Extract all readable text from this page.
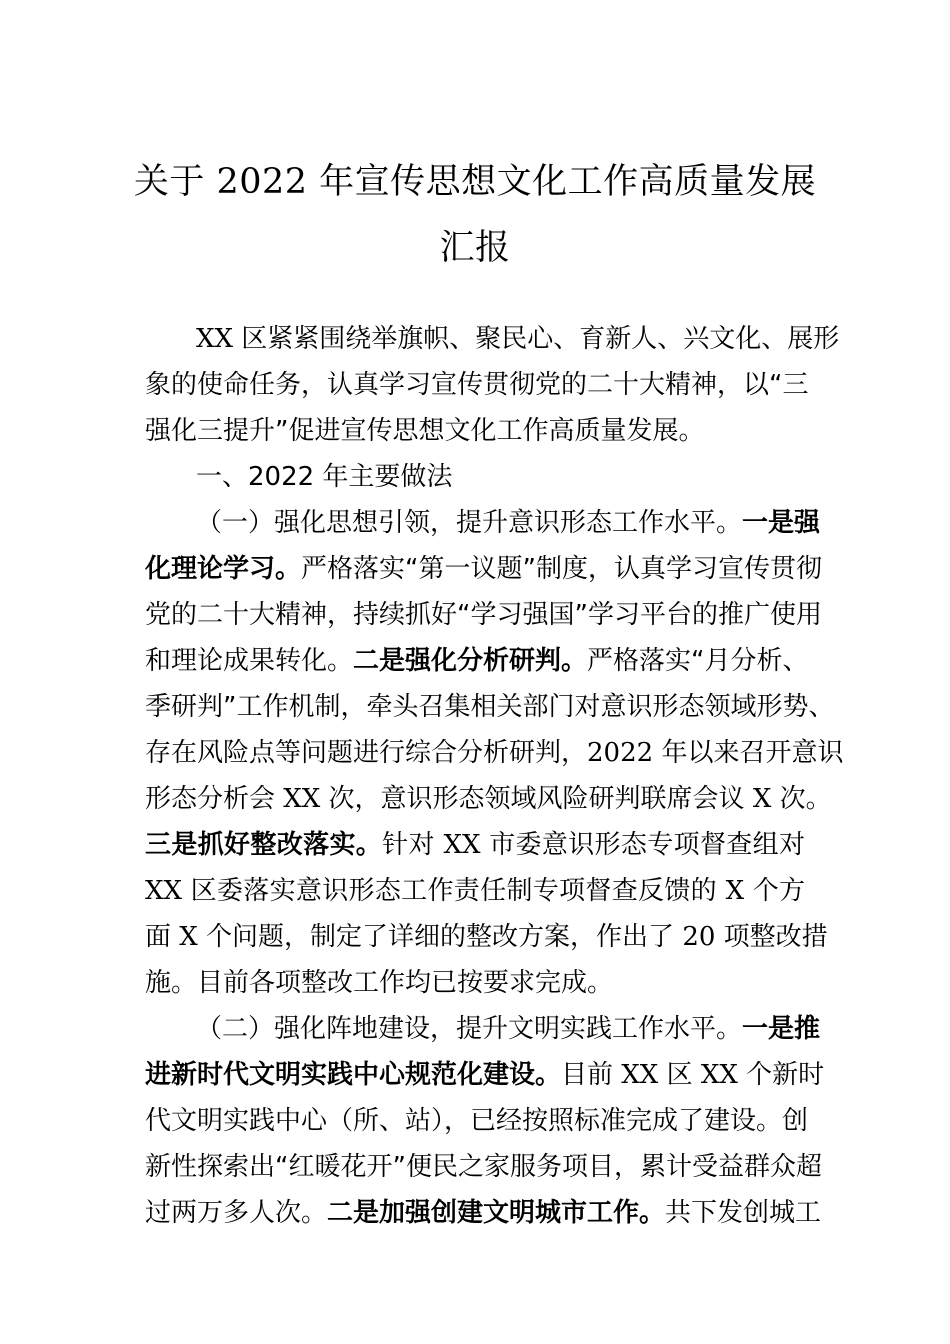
关于 2022 年宣传思想文化工作高质量发展
汇报
XX 区紧紧围绕举旗帜、聚民心、育新人、兴文化、展形
象的使命任务，认真学习宣传贯彻党的二十大精神，以“三
强化三提升”促进宣传思想文化工作高质量发展。
一、2022 年主要做法
（一）强化思想引领，提升意识形态工作水平。一是强
化理论学习。严格落实“第一议题”制度，认真学习宣传贯彻
党的二十大精神，持续抓好“学习强国”学习平台的推广使用
和理论成果转化。二是强化分析研判。严格落实“月分析、
季研判”工作机制，牵头召集相关部门对意识形态领域形势、
存在风险点等问题进行综合分析研判，2022 年以来召开意识
形态分析会 XX 次，意识形态领域风险研判联席会议 X 次。
三是抓好整改落实。针对 XX 市委意识形态专项督查组对
XX 区委落实意识形态工作责任制专项督查反馈的 X 个方
面 X 个问题，制定了详细的整改方案，作出了 20 项整改措
施。目前各项整改工作均已按要求完成。
（二）强化阵地建设，提升文明实践工作水平。一是推
进新时代文明实践中心规范化建设。目前 XX 区 XX 个新时
代文明实践中心（所、站），已经按照标准完成了建设。创
新性探索出“红暖花开”便民之家服务项目，累计受益群众超
过两万多人次。二是加强创建文明城市工作。共下发创城工
